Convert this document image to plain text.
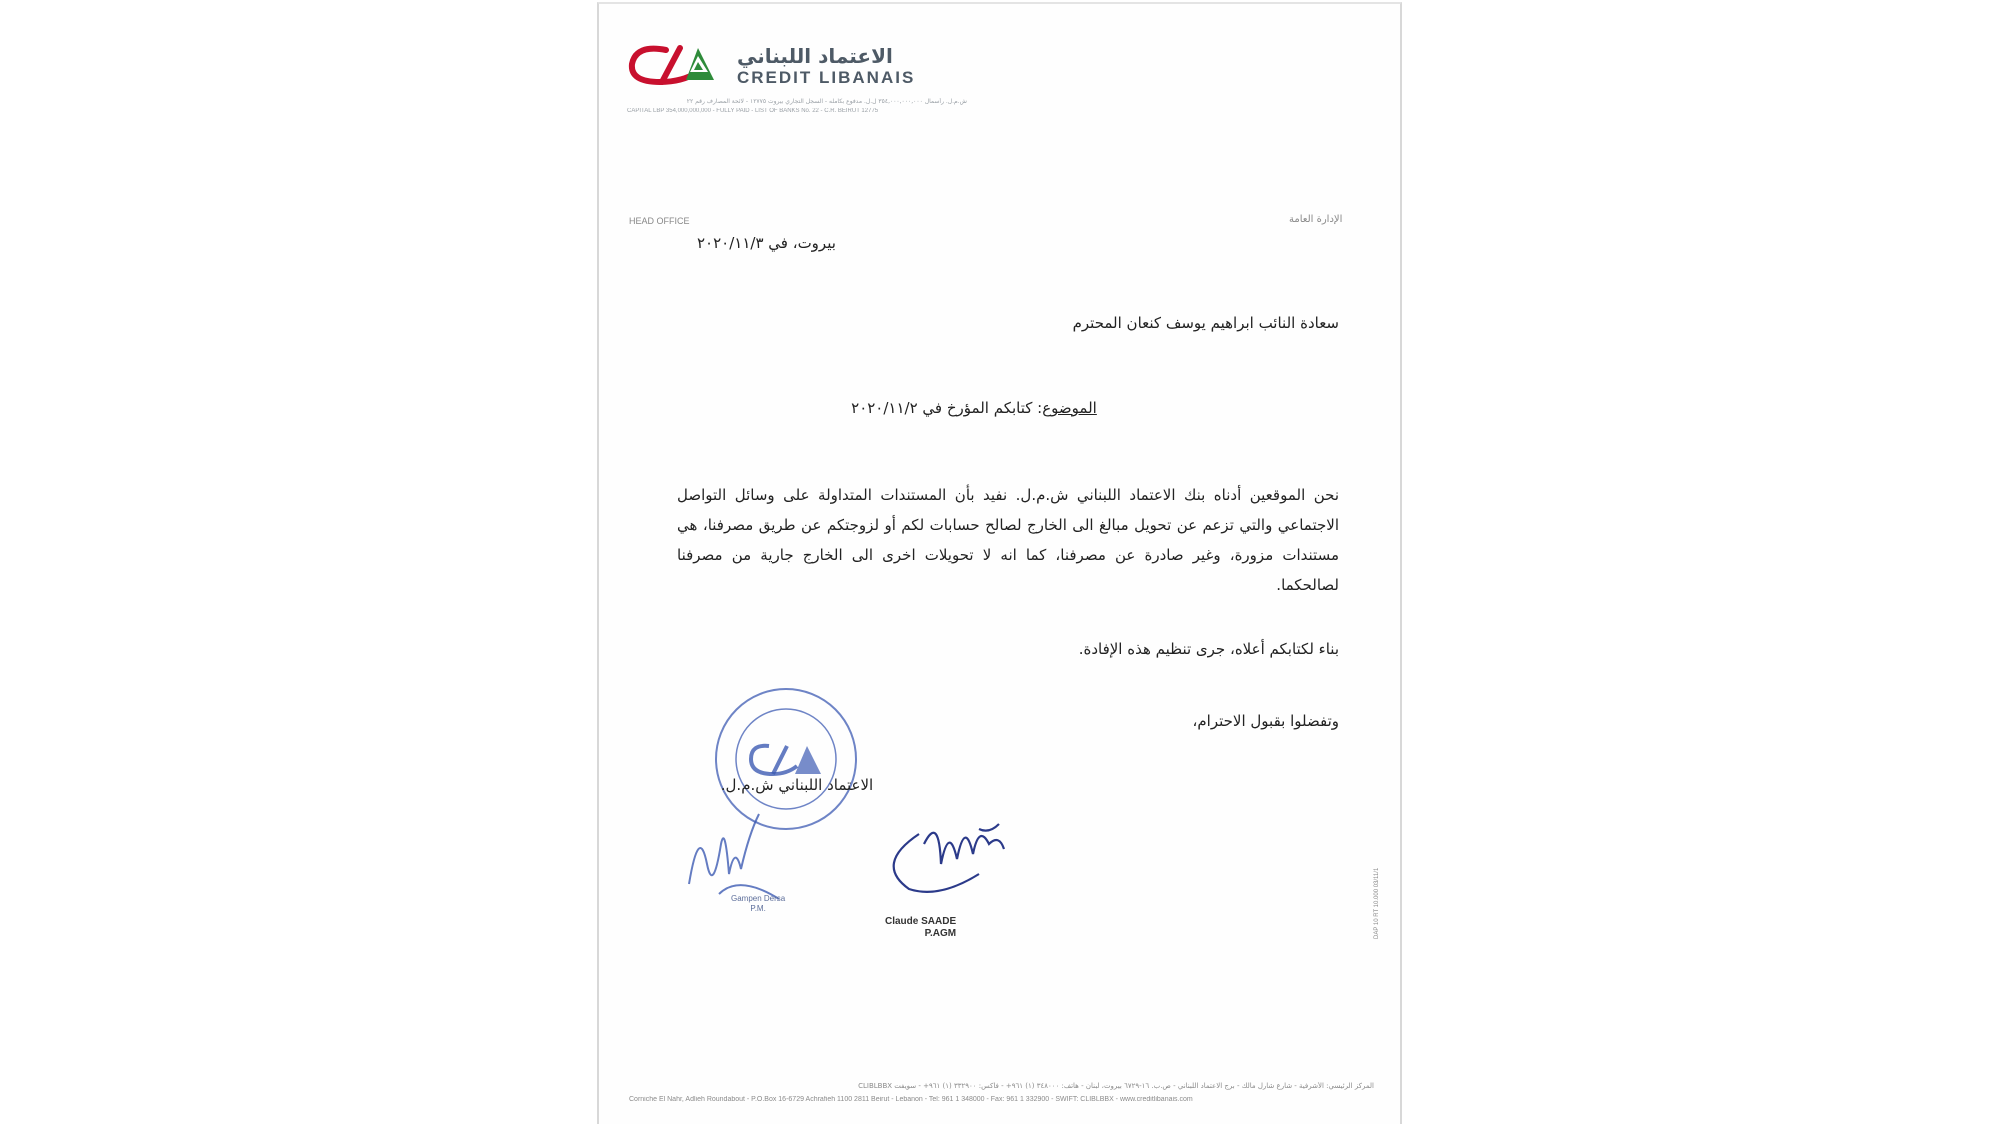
الاعتماد اللبناني
CREDIT LIBANAIS
ش.م.ل. رأسمال ٣٥٤,٠٠٠,٠٠٠,٠٠٠ ل.ل. مدفوع بكامله - السجل التجاري بيروت ١٢٧٧٥ - لائحة المصارف رقم ٢٢
CAPITAL LBP 354,000,000,000 - FULLY PAID - LIST OF BANKS No. 22 - C.R. BEIRUT 12775
HEAD OFFICE	الإدارة العامة
بيروت، في ٢٠٢٠/١١/٣
سعادة النائب ابراهيم يوسف كنعان المحترم
الموضوع: كتابكم المؤرخ في ٢٠٢٠/١١/٢
نحن الموقعين أدناه بنك الاعتماد اللبناني ش.م.ل. نفيد بأن المستندات المتداولة على وسائل التواصل الاجتماعي والتي تزعم عن تحويل مبالغ الى الخارج لصالح حسابات لكم أو لزوجتكم عن طريق مصرفنا، هي مستندات مزورة، وغير صادرة عن مصرفنا، كما انه لا تحويلات اخرى الى الخارج جارية من مصرفنا لصالحكما.
بناء لكتابكم أعلاه، جرى تنظيم هذه الإفادة.
وتفضلوا بقبول الاحترام،
الاعتماد اللبناني ش.م.ل.
Gampen Dersa
P.M.
Claude SAADE
P.AGM	DAP 10 RT 10.000 03/11/1
المركز الرئيسي: الأشرفية - شارع شارل مالك - برج الاعتماد اللبناني - ص.ب. ١٦-٦٧٢٩ بيروت، لبنان - هاتف: ٣٤٨٠٠٠ (١) ٩٦١+ - فاكس: ٣٣٢٩٠٠ (١) ٩٦١+ - سويفت CLIBLBBX
Corniche El Nahr, Adlieh Roundabout - P.O.Box 16-6729 Achrafieh 1100 2811 Beirut - Lebanon - Tel: 961 1 348000 - Fax: 961 1 332900 - SWIFT: CLIBLBBX - www.creditlibanais.com
